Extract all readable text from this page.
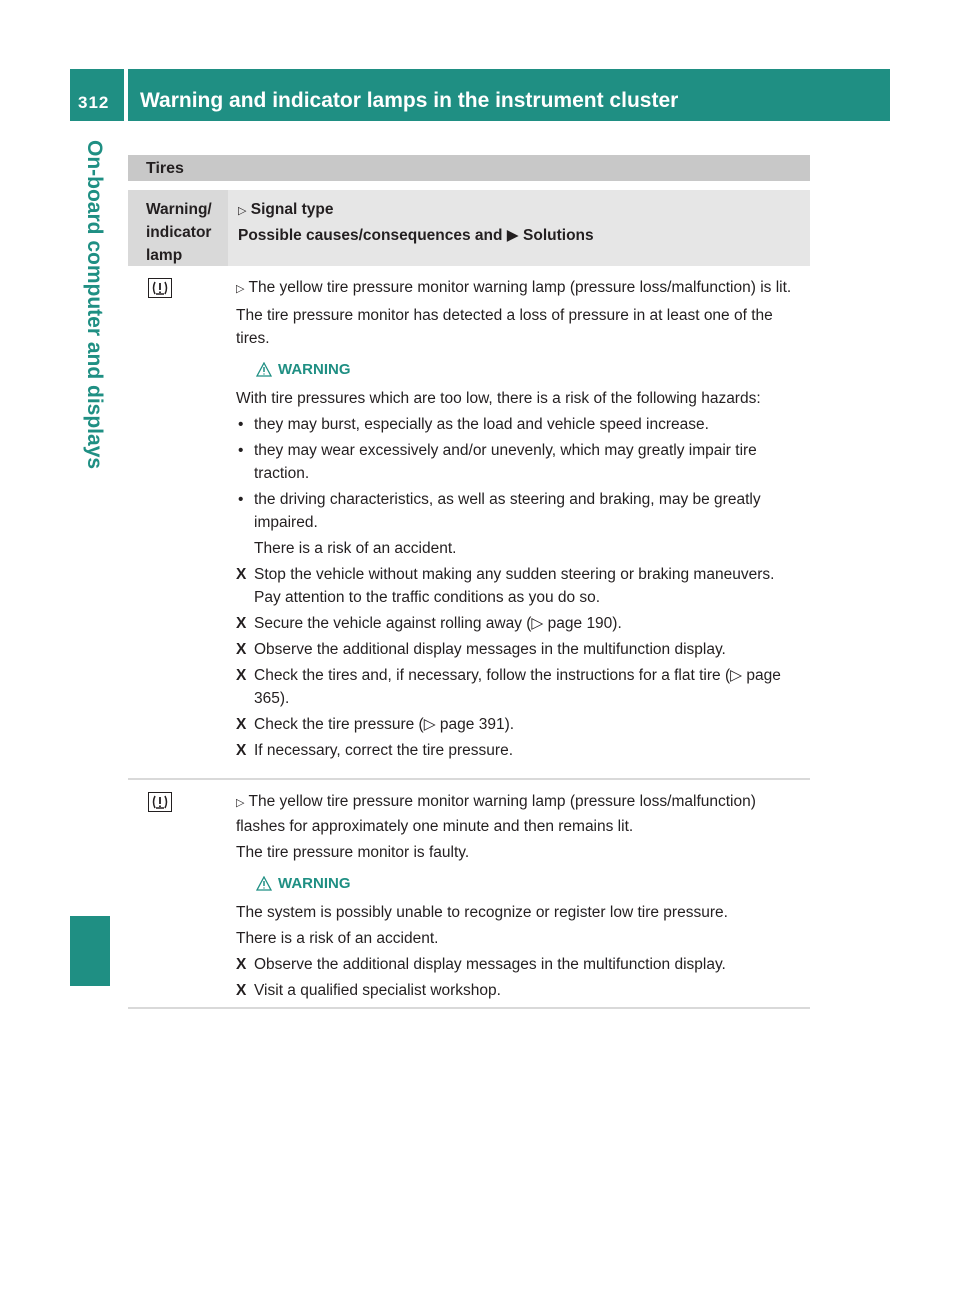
312 Warning and indicator lamps in the instrument cluster
On-board computer and displays	Tires
Warning/
indicator
lamp
▷ Signal type
Possible causes/consequences and ▶ Solutions

▷ The yellow tire pressure monitor warning lamp (pressure loss/malfunction) is lit.

The tire pressure monitor has detected a loss of pressure in at least one of the tires.

WARNING

With tire pressures which are too low, there is a risk of the following hazards:

• they may burst, especially as the load and vehicle speed increase.
• they may wear excessively and/or unevenly, which may greatly impair tire traction.
• the driving characteristics, as well as steering and braking, may be greatly impaired.

There is a risk of an accident.

X Stop the vehicle without making any sudden steering or braking maneuvers. Pay attention to the traffic conditions as you do so.
X Secure the vehicle against rolling away (▷ page 190).
X Observe the additional display messages in the multifunction display.
X Check the tires and, if necessary, follow the instructions for a flat tire (▷ page 365).
X Check the tire pressure (▷ page 391).
X If necessary, correct the tire pressure.

▷ The yellow tire pressure monitor warning lamp (pressure loss/malfunction) flashes for approximately one minute and then remains lit.

The tire pressure monitor is faulty.

WARNING

The system is possibly unable to recognize or register low tire pressure.

There is a risk of an accident.

X Observe the additional display messages in the multifunction display.
X Visit a qualified specialist workshop.
